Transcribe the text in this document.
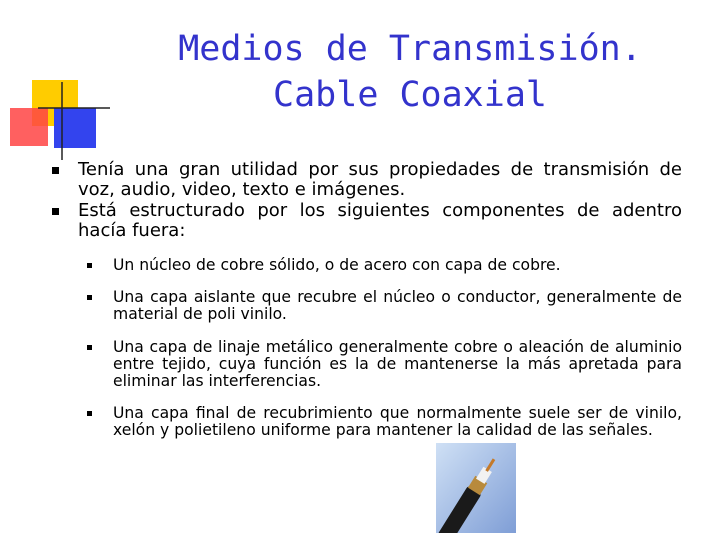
Medios de Transmisión.
Cable Coaxial

Tenía una gran utilidad por sus propiedades de transmisión de voz, audio, video, texto e imágenes.

Está estructurado por los siguientes componentes de adentro hacía fuera:

Un núcleo de cobre sólido, o de acero con capa de cobre.

Una capa aislante que recubre el núcleo o conductor, generalmente de material de poli vinilo.

Una capa de linaje metálico generalmente cobre o aleación de aluminio entre tejido, cuya función es la de mantenerse la más apretada para eliminar las interferencias.

Una capa final de recubrimiento que normalmente suele ser de vinilo, xelón y polietileno uniforme para mantener la calidad de las señales.
